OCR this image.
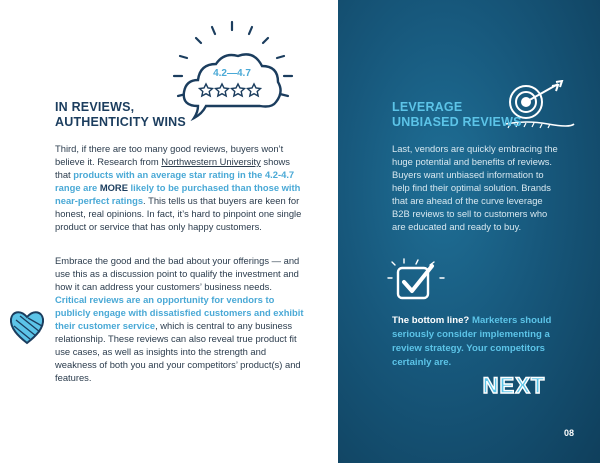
4.2—4.7
IN REVIEWS,
AUTHENTICITY WINS
Third, if there are too many good reviews, buyers won’t believe it. Research from Northwestern University shows that products with an average star rating in the 4.2-4.7 range are MORE likely to be purchased than those with near-perfect ratings. This tells us that buyers are keen for honest, real opinions. In fact, it’s hard to pinpoint one single product or service that has only happy customers.
Embrace the good and the bad about your offerings — and use this as a discussion point to qualify the investment and how it can address your customers’ business needs. Critical reviews are an opportunity for vendors to publicly engage with dissatisfied customers and exhibit their customer service, which is central to any business relationship. These reviews can also reveal true product fit use cases, as well as insights into the strength and weakness of both you and your competitors’ product(s) and features.
LEVERAGE
UNBIASED REVIEWS
Last, vendors are quickly embracing the huge potential and benefits of reviews. Buyers want unbiased information to help find their optimal solution. Brands that are ahead of the curve leverage B2B reviews to sell to customers who are educated and ready to buy.
The bottom line? Marketers should seriously consider implementing a review strategy. Your competitors certainly are.
NEXT
08
